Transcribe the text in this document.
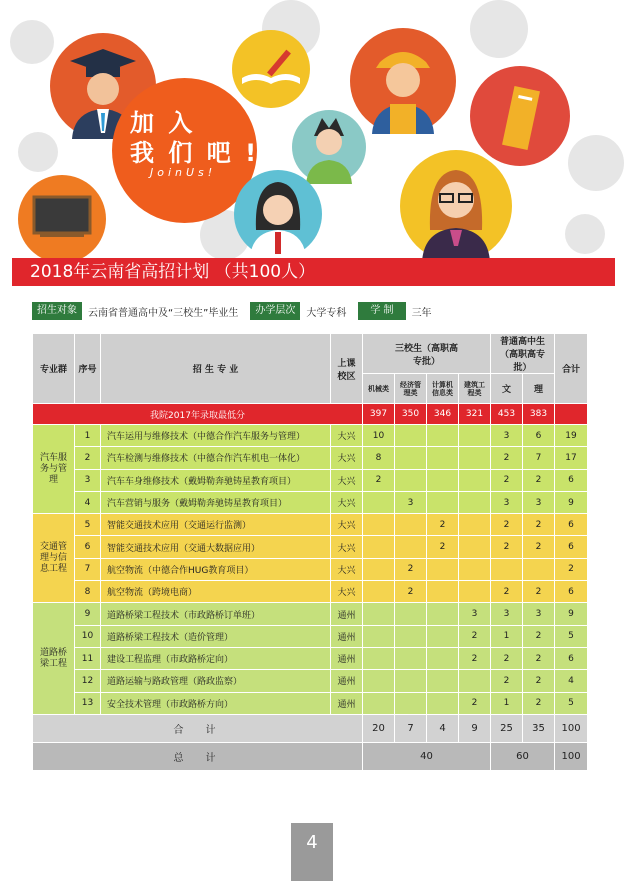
加 入
我 们 吧 !
JoinUs!
2018年云南省高招计划 （共100人）
招生对象	云南省普通高中及“三校生”毕业生	办学层次	大学专科	学 制	三年
专业群	序号	招 生 专 业	上课校区	三校生（高职高专批）				普通高中生（高职高专批）		合计
				机械类	经济管理类	计算机信息类	建筑工程类	文	理	
我院2017年录取最低分				397	350	346	321	453	383	
汽车服务与管理	1	汽车运用与维修技术（中德合作汽车服务与管理）	大兴	10				3	6	19
	2	汽车检测与维修技术（中德合作汽车机电一体化）	大兴	8				2	7	17
	3	汽车车身维修技术（戴姆勒奔驰铸星教育项目）	大兴	2				2	2	6
	4	汽车营销与服务（戴姆勒奔驰铸星教育项目）	大兴		3			3	3	9
交通管理与信息工程	5	智能交通技术应用（交通运行监测）	大兴			2		2	2	6
	6	智能交通技术应用（交通大数据应用）	大兴			2		2	2	6
	7	航空物流（中德合作HUG教育项目）	大兴		2					2
	8	航空物流（跨境电商）	大兴		2			2	2	6
道路桥梁工程	9	道路桥梁工程技术（市政路桥订单班）	通州				3	3	3	9
	10	道路桥梁工程技术（造价管理）	通州				2	1	2	5
	11	建设工程监理（市政路桥定向）	通州				2	2	2	6
	12	道路运输与路政管理（路政监察）	通州					2	2	4
	13	安全技术管理（市政路桥方向）	通州				2	1	2	5
合　计				20	7	4	9	25	35	100
总　计				40				60		100
4
